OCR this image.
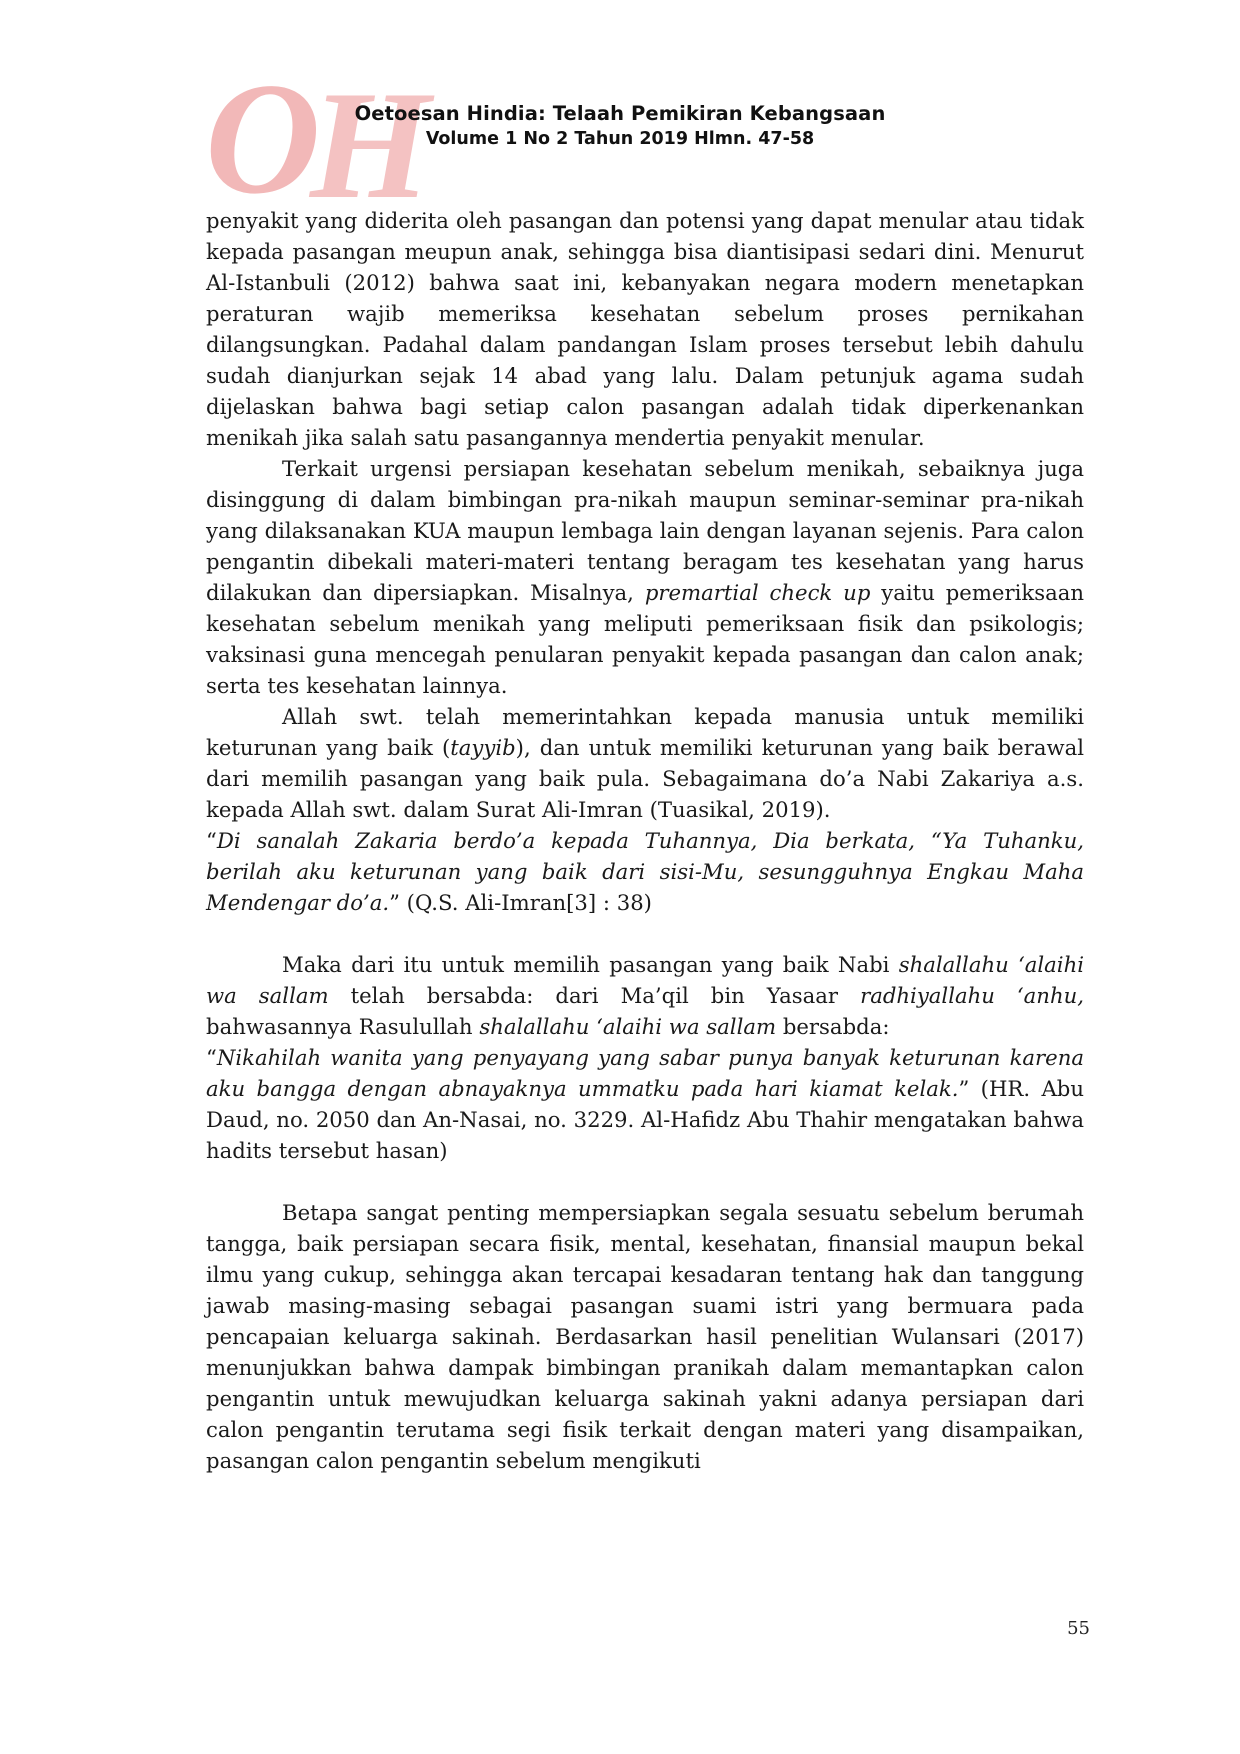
O
H
Oetoesan Hindia: Telaah Pemikiran Kebangsaan
Volume 1 No 2 Tahun 2019 Hlmn. 47-58

penyakit yang diderita oleh pasangan dan potensi yang dapat menular atau tidak kepada pasangan meupun anak, sehingga bisa diantisipasi sedari dini. Menurut Al-Istanbuli (2012) bahwa saat ini, kebanyakan negara modern menetapkan peraturan wajib memeriksa kesehatan sebelum proses pernikahan dilangsungkan. Padahal dalam pandangan Islam proses tersebut lebih dahulu sudah dianjurkan sejak 14 abad yang lalu. Dalam petunjuk agama sudah dijelaskan bahwa bagi setiap calon pasangan adalah tidak diperkenankan menikah jika salah satu pasangannya mendertia penyakit menular.

Terkait urgensi persiapan kesehatan sebelum menikah, sebaiknya juga disinggung di dalam bimbingan pra-nikah maupun seminar-seminar pra-nikah yang dilaksanakan KUA maupun lembaga lain dengan layanan sejenis. Para calon pengantin dibekali materi-materi tentang beragam tes kesehatan yang harus dilakukan dan dipersiapkan. Misalnya, premartial check up yaitu pemeriksaan kesehatan sebelum menikah yang meliputi pemeriksaan fisik dan psikologis; vaksinasi guna mencegah penularan penyakit kepada pasangan dan calon anak; serta tes kesehatan lainnya.

Allah swt. telah memerintahkan kepada manusia untuk memiliki keturunan yang baik (tayyib), dan untuk memiliki keturunan yang baik berawal dari memilih pasangan yang baik pula. Sebagaimana do’a Nabi Zakariya a.s. kepada Allah swt. dalam Surat Ali-Imran (Tuasikal, 2019).

“Di sanalah Zakaria berdo’a kepada Tuhannya, Dia berkata, “Ya Tuhanku, berilah aku keturunan yang baik dari sisi-Mu, sesungguhnya Engkau Maha Mendengar do’a.” (Q.S. Ali-Imran[3] : 38)

Maka dari itu untuk memilih pasangan yang baik Nabi shalallahu ‘alaihi wa sallam telah bersabda: dari Ma’qil bin Yasaar radhiyallahu ‘anhu, bahwasannya Rasulullah shalallahu ‘alaihi wa sallam bersabda:

“Nikahilah wanita yang penyayang yang sabar punya banyak keturunan karena aku bangga dengan abnayaknya ummatku pada hari kiamat kelak.” (HR. Abu Daud, no. 2050 dan An-Nasai, no. 3229. Al-Hafidz Abu Thahir mengatakan bahwa hadits tersebut hasan)

Betapa sangat penting mempersiapkan segala sesuatu sebelum berumah tangga, baik persiapan secara fisik, mental, kesehatan, finansial maupun bekal ilmu yang cukup, sehingga akan tercapai kesadaran tentang hak dan tanggung jawab masing-masing sebagai pasangan suami istri yang bermuara pada pencapaian keluarga sakinah. Berdasarkan hasil penelitian Wulansari (2017) menunjukkan bahwa dampak bimbingan pranikah dalam memantapkan calon pengantin untuk mewujudkan keluarga sakinah yakni adanya persiapan dari calon pengantin terutama segi fisik terkait dengan materi yang disampaikan, pasangan calon pengantin sebelum mengikuti

55
